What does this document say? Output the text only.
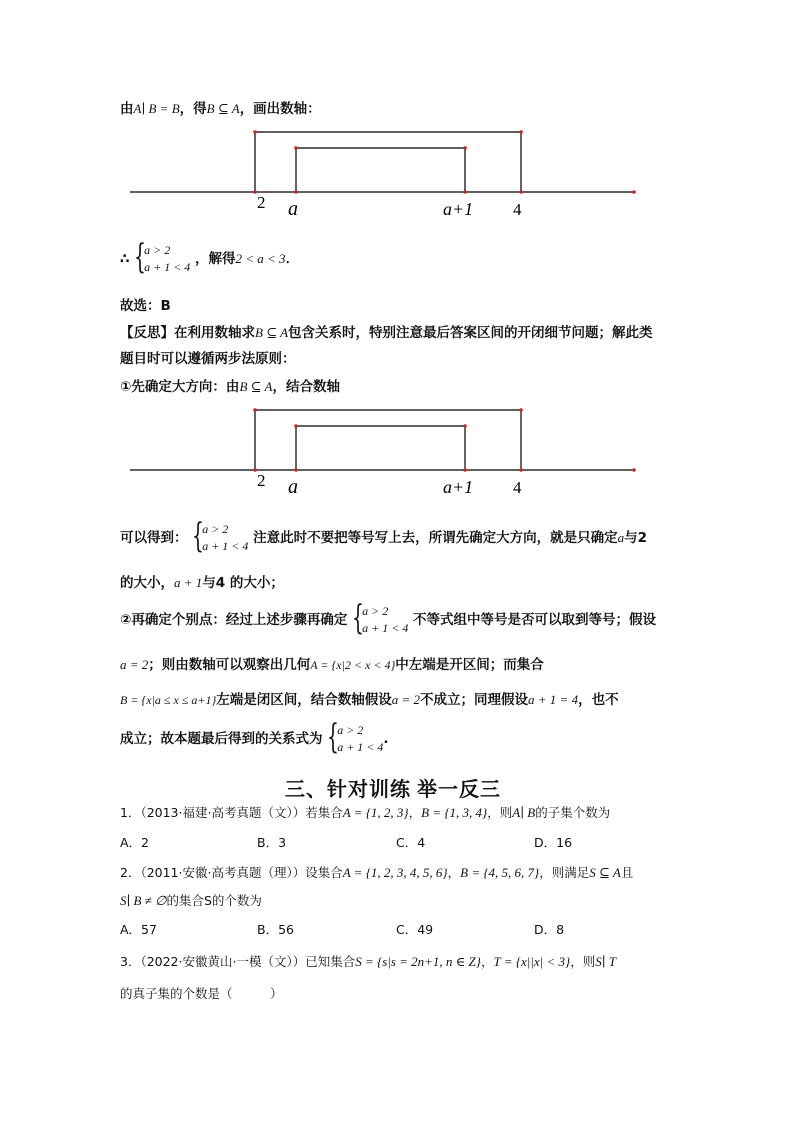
由A∣ B = B，得B ⊆ A，画出数轴：
2 a	a+1 4
∴ {
a > 2
a + 1 < 4 ，解得2 < a < 3．
故选：B
【反思】在利用数轴求B ⊆ A包含关系时，特别注意最后答案区间的开闭细节问题；解此类
题目时可以遵循两步法原则：
①先确定大方向：由B ⊆ A，结合数轴
2 a	a+1 4
可以得到： {
a > 2
a + 1 < 4 注意此时不要把等号写上去，所谓先确定大方向，就是只确定a与2
的大小，a + 1与4 的大小；
②再确定个别点：经过上述步骤再确定 {
a > 2
a + 1 < 4 不等式组中等号是否可以取到等号；假设
a = 2；则由数轴可以观察出几何A = {x|2 < x < 4}中左端是开区间；而集合
B = {x|a ≤ x ≤ a+1}左端是闭区间，结合数轴假设a = 2不成立；同理假设a + 1 = 4，也不
成立；故本题最后得到的关系式为 {
a > 2
a + 1 < 4 .
三、针对训练 举一反三
1．（2013·福建·高考真题（文））若集合A = {1, 2, 3}，B = {1, 3, 4}，则A∣ B的子集个数为
A．2	B．3	C．4	D．16
2．（2011·安徽·高考真题（理））设集合A = {1, 2, 3, 4, 5, 6}，B = {4, 5, 6, 7}，则满足S ⊆ A且
S∣ B ≠ ∅的集合S的个数为
A．57	B．56	C．49	D．8
3．（2022·安徽黄山·一模（文））已知集合S = {s|s = 2n+1, n ∈ Z}，T = {x||x| < 3}，则S∣ T
的真子集的个数是（　　　）
